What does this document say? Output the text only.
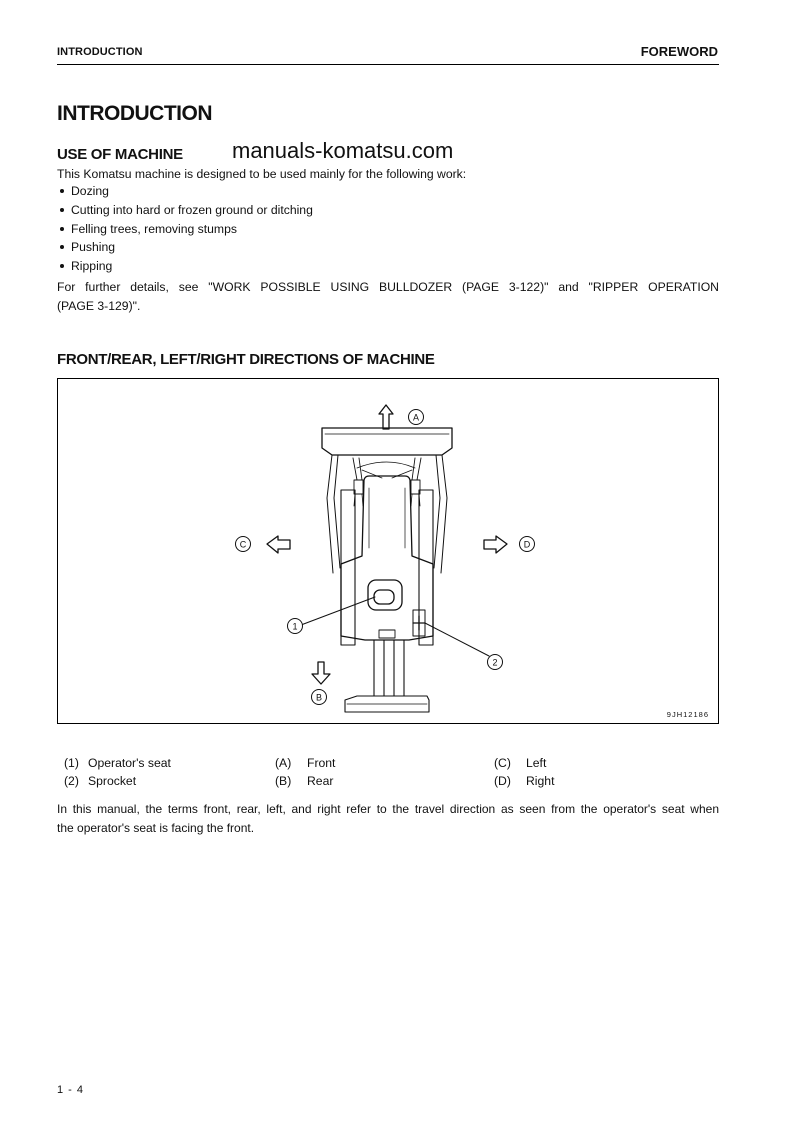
INTRODUCTION	FOREWORD
INTRODUCTION
USE OF MACHINE manuals-komatsu.com
This Komatsu machine is designed to be used mainly for the following work:
Dozing
Cutting into hard or frozen ground or ditching
Felling trees, removing stumps
Pushing
Ripping
For further details, see "WORK POSSIBLE USING BULLDOZER (PAGE 3-122)" and "RIPPER OPERATION
(PAGE 3-129)".
FRONT/REAR, LEFT/RIGHT DIRECTIONS OF MACHINE
A
B
C	D
1
2
9JH12186
(1) Operator's seat
(2) Sprocket
(A) Front
(B) Rear
(C) Left
(D) Right
In this manual, the terms front, rear, left, and right refer to the travel direction as seen from the operator's seat when
the operator's seat is facing the front.
1 - 4
